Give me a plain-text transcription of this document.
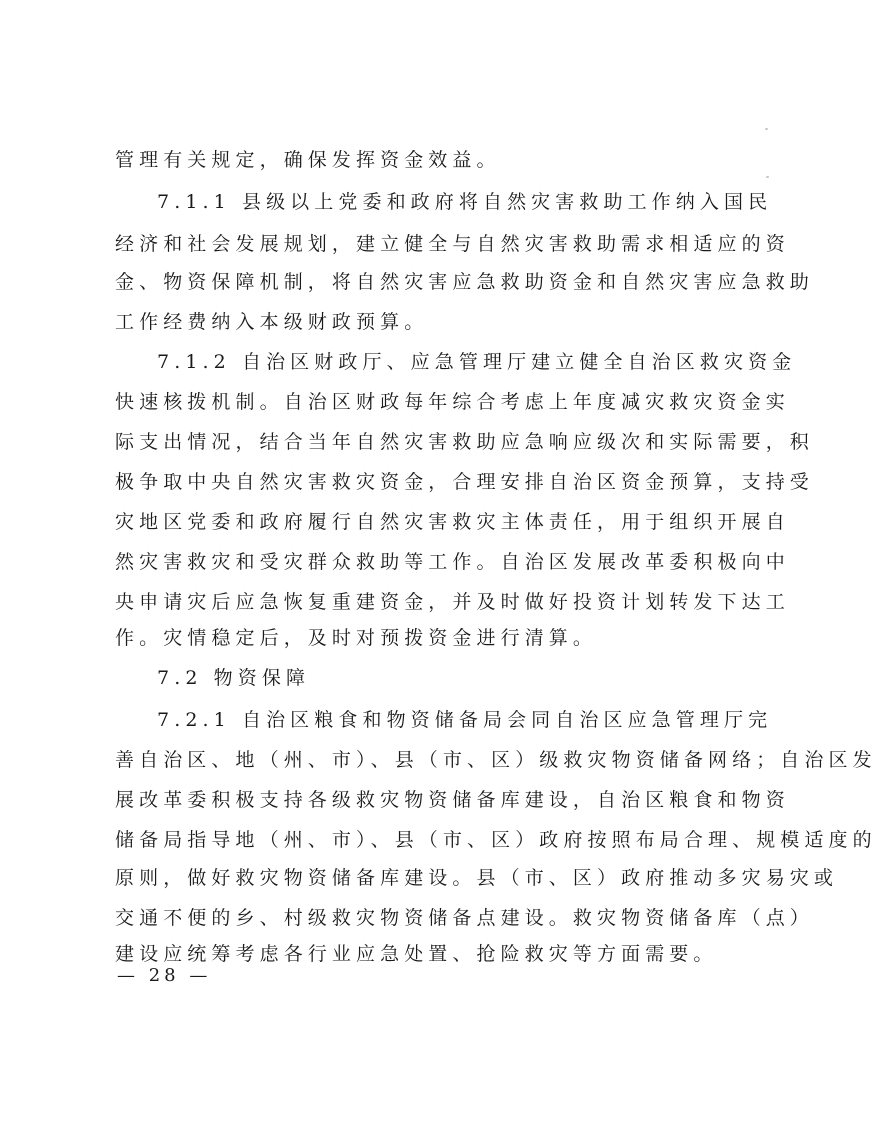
管理有关规定，确保发挥资金效益。
7.1.1 县级以上党委和政府将自然灾害救助工作纳入国民
经济和社会发展规划，建立健全与自然灾害救助需求相适应的资
金、物资保障机制，将自然灾害应急救助资金和自然灾害应急救助
工作经费纳入本级财政预算。
7.1.2 自治区财政厅、应急管理厅建立健全自治区救灾资金
快速核拨机制。自治区财政每年综合考虑上年度减灾救灾资金实
际支出情况，结合当年自然灾害救助应急响应级次和实际需要，积
极争取中央自然灾害救灾资金，合理安排自治区资金预算，支持受
灾地区党委和政府履行自然灾害救灾主体责任，用于组织开展自
然灾害救灾和受灾群众救助等工作。自治区发展改革委积极向中
央申请灾后应急恢复重建资金，并及时做好投资计划转发下达工
作。灾情稳定后，及时对预拨资金进行清算。
7.2 物资保障
7.2.1 自治区粮食和物资储备局会同自治区应急管理厅完
善自治区、地（州、市）、县（市、区）级救灾物资储备网络；自治区发
展改革委积极支持各级救灾物资储备库建设，自治区粮食和物资
储备局指导地（州、市）、县（市、区）政府按照布局合理、规模适度的
原则，做好救灾物资储备库建设。县（市、区）政府推动多灾易灾或
交通不便的乡、村级救灾物资储备点建设。救灾物资储备库（点）
建设应统筹考虑各行业应急处置、抢险救灾等方面需要。
— 28 —
